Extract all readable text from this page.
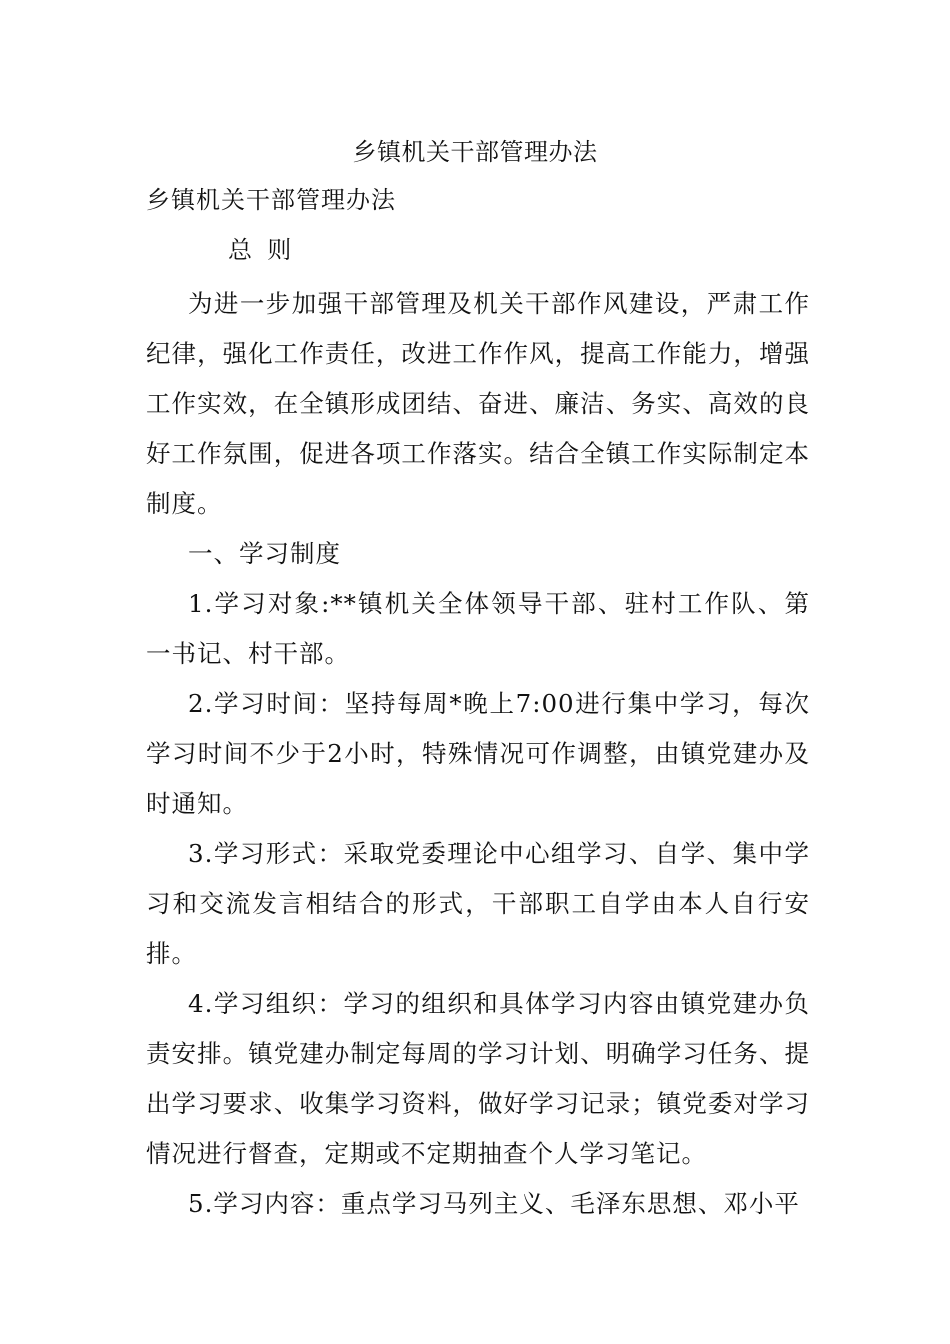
乡镇机关干部管理办法
乡镇机关干部管理办法
总  则

为进一步加强干部管理及机关干部作风建设，严肃工作纪律，强化工作责任，改进工作作风，提高工作能力，增强工作实效，在全镇形成团结、奋进、廉洁、务实、高效的良好工作氛围，促进各项工作落实。结合全镇工作实际制定本制度。

一、学习制度

1.学习对象:**镇机关全体领导干部、驻村工作队、第一书记、村干部。

2.学习时间：坚持每周*晚上7:00进行集中学习，每次学习时间不少于2小时，特殊情况可作调整，由镇党建办及时通知。

3.学习形式：采取党委理论中心组学习、自学、集中学习和交流发言相结合的形式，干部职工自学由本人自行安排。

4.学习组织：学习的组织和具体学习内容由镇党建办负责安排。镇党建办制定每周的学习计划、明确学习任务、提出学习要求、收集学习资料，做好学习记录；镇党委对学习情况进行督查，定期或不定期抽查个人学习笔记。

5.学习内容：重点学习马列主义、毛泽东思想、邓小平
